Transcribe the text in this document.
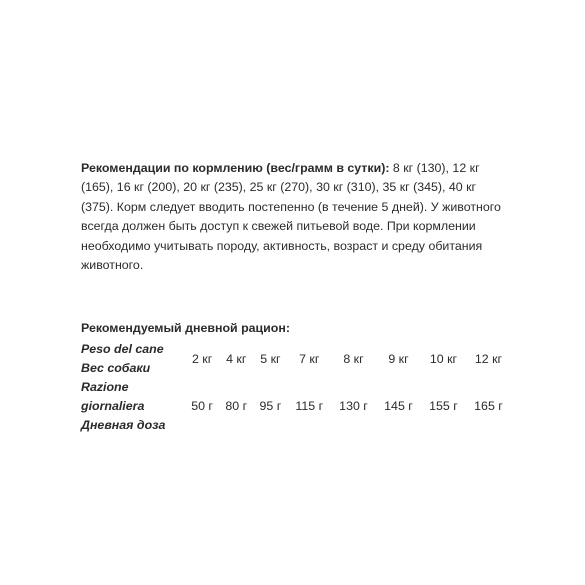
Рекомендации по кормлению (вес/грамм в сутки): 8 кг (130), 12 кг (165), 16 кг (200), 20 кг (235), 25 кг (270), 30 кг (310), 35 кг (345), 40 кг (375). Корм следует вводить постепенно (в течение 5 дней). У животного всегда должен быть доступ к свежей питьевой воде. При кормлении необходимо учитывать породу, активность, возраст и среду обитания животного.
Рекомендуемый дневной рацион:
Peso del cane
Вес собаки	2 кг	4 кг	5 кг	7 кг	8 кг	9 кг	10 кг	12 кг

Razione
giornaliera
Дневная доза	50 г	80 г	95 г	115 г	130 г	145 г	155 г	165 г
